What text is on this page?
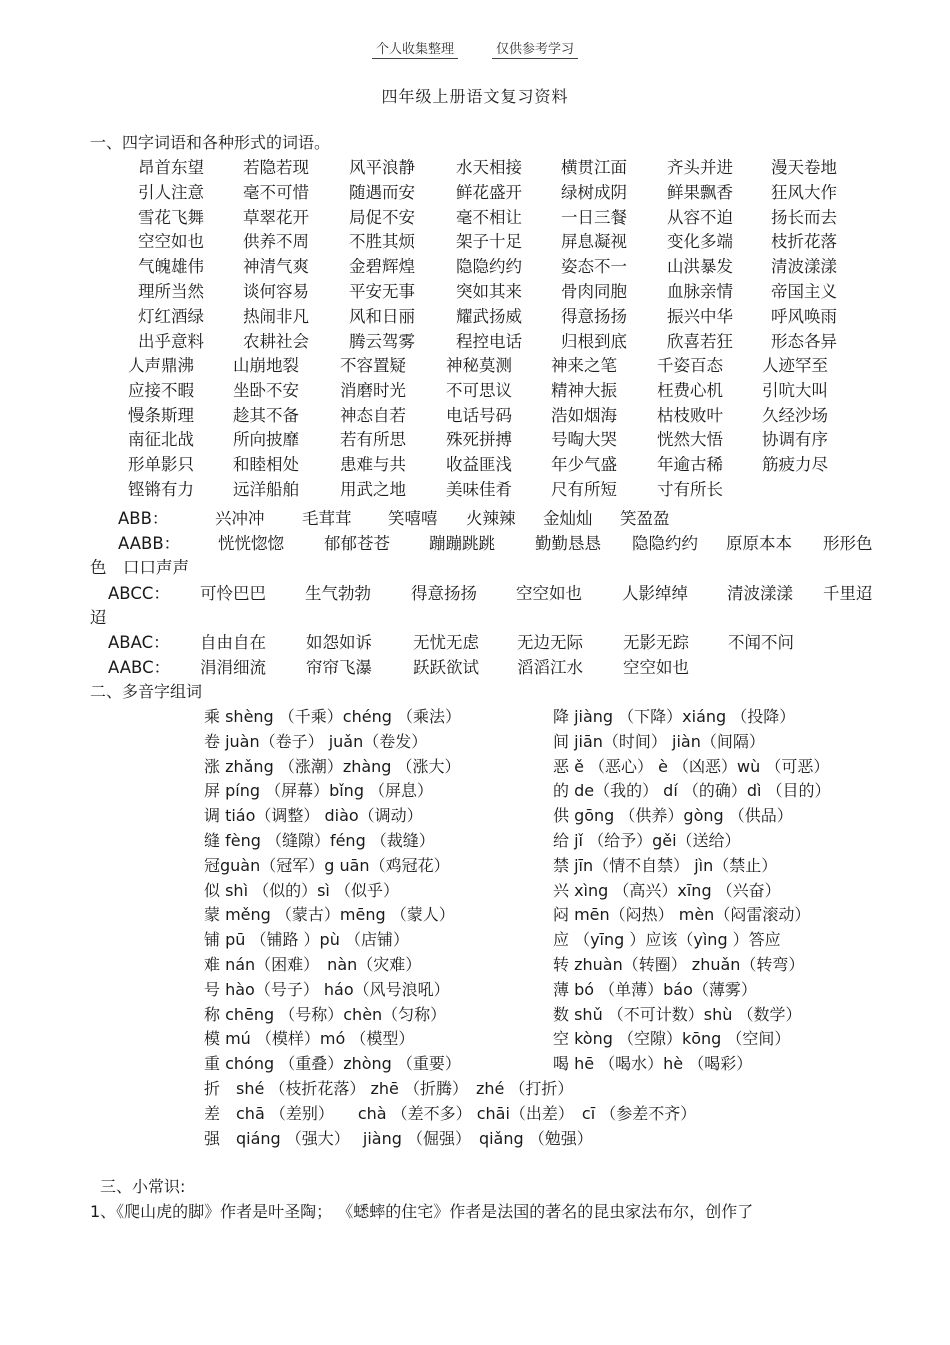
个人收集整理	仅供参考学习
四年级上册语文复习资料
一、四字词语和各种形式的词语。
昂首东望 若隐若现 风平浪静 水天相接 横贯江面 齐头并进 漫天卷地
引人注意 毫不可惜 随遇而安 鲜花盛开 绿树成阴 鲜果飘香 狂风大作
雪花飞舞 草翠花开 局促不安 毫不相让 一日三餐 从容不迫 扬长而去
空空如也 供养不周 不胜其烦 架子十足 屏息凝视 变化多端 枝折花落
气魄雄伟 神清气爽 金碧辉煌 隐隐约约 姿态不一 山洪暴发 清波漾漾
理所当然 谈何容易 平安无事 突如其来 骨肉同胞 血脉亲情 帝国主义
灯红酒绿 热闹非凡 风和日丽 耀武扬威 得意扬扬 振兴中华 呼风唤雨
出乎意料 农耕社会 腾云驾雾 程控电话 归根到底 欣喜若狂 形态各异
人声鼎沸 山崩地裂 不容置疑 神秘莫测 神来之笔 千姿百态 人迹罕至
应接不暇 坐卧不安 消磨时光 不可思议 精神大振 枉费心机 引吭大叫
慢条斯理 趁其不备 神态自若 电话号码 浩如烟海 枯枝败叶 久经沙场
南征北战 所向披靡 若有所思 殊死拼搏 号啕大哭 恍然大悟 协调有序
形单影只 和睦相处 患难与共 收益匪浅 年少气盛 年逾古稀 筋疲力尽
铿锵有力 远洋船舶 用武之地 美味佳肴 尺有所短 寸有所长
ABB：	兴冲冲 毛茸茸 笑嘻嘻 火辣辣 金灿灿 笑盈盈
AABB： 恍恍惚惚 郁郁苍苍 蹦蹦跳跳 勤勤恳恳 隐隐约约 原原本本 形形色
色　口口声声
ABCC： 可怜巴巴 生气勃勃 得意扬扬 空空如也 人影绰绰 清波漾漾 千里迢
迢
ABAC： 自由自在 如怨如诉 无忧无虑 无边无际 无影无踪 不闻不问
AABC： 涓涓细流 帘帘飞瀑 跃跃欲试 滔滔江水 空空如也
二、多音字组词
乘 shèng （千乘）chéng （乘法）
卷 juàn（卷子） juǎn（卷发）
涨 zhǎng （涨潮）zhàng （涨大）
屏 píng （屏幕）bǐng （屏息）
调 tiáo（调整） diào（调动）
缝 fèng （缝隙）féng （裁缝）
冠guàn（冠军）g uān（鸡冠花）
似 shì （似的）sì （似乎）
蒙 měng （蒙古）mēng （蒙人）
铺 pū （铺路 ）pù （店铺）
难 nán（困难）　nàn（灾难）
号 hào（号子） háo（风号浪吼）
称 chēng （号称）chèn（匀称）
模 mú （模样）mó （模型）
重 chóng （重叠）zhòng （重要）
折　shé （枝折花落） zhē （折腾）　zhé （打折）
差　chā （差别）　　chà （差不多） chāi（出差）　cī （参差不齐）
强　qiáng （强大）　 jiàng （倔强）　qiǎng （勉强）
降 jiàng （下降）xiáng （投降）
间 jiān（时间） jiàn（间隔）
恶 ě （恶心） è （凶恶）wù （可恶）
的 de（我的） dí （的确）dì （目的）
供 gōng （供养）gòng （供品）
给 jǐ （给予）gěi（送给）
禁 jīn（情不自禁） jìn（禁止）
兴 xìng （高兴）xīng （兴奋）
闷 mēn（闷热） mèn（闷雷滚动）
应 （yīng ）应该（yìng ）答应
转 zhuàn（转圈） zhuǎn（转弯）
薄 bó （单薄）báo（薄雾）
数 shǔ （不可计数）shù （数学）
空 kòng （空隙）kōng （空间）
喝 hē （喝水）hè （喝彩）
三、小常识:
1、《爬山虎的脚》作者是叶圣陶； 《蟋蟀的住宅》作者是法国的著名的昆虫家法布尔，创作了
